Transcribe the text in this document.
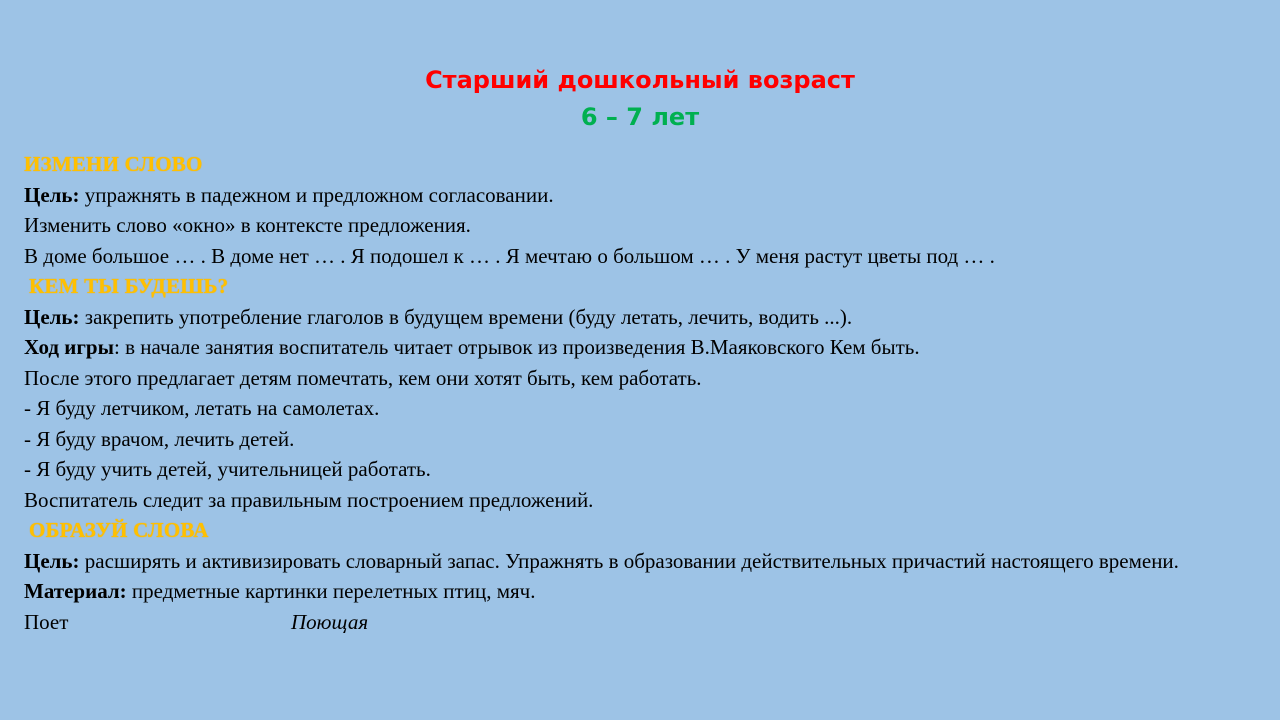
Старший дошкольный возраст
6 – 7 лет
ИЗМЕНИ СЛОВО
Цель: упражнять в падежном и предложном согласовании.
Изменить слово «окно» в контексте предложения.
В доме большое … . В доме нет … . Я подошел к … . Я мечтаю о большом … . У меня растут цветы под … .
КЕМ ТЫ БУДЕШЬ?
Цель: закрепить употребление глаголов в будущем времени (буду летать, лечить, водить ...).
Ход игры: в начале занятия воспитатель читает отрывок из произведения В.Маяковского Кем быть.
После этого предлагает детям помечтать, кем они хотят быть, кем работать.
- Я буду летчиком, летать на самолетах.
- Я буду врачом, лечить детей.
- Я буду учить детей, учительницей работать.
Воспитатель следит за правильным построением предложений.
ОБРАЗУЙ СЛОВА
Цель: расширять и активизировать словарный запас. Упражнять в образовании действительных причастий настоящего времени.
Материал: предметные картинки перелетных птиц, мяч.
Поет	Поющая
